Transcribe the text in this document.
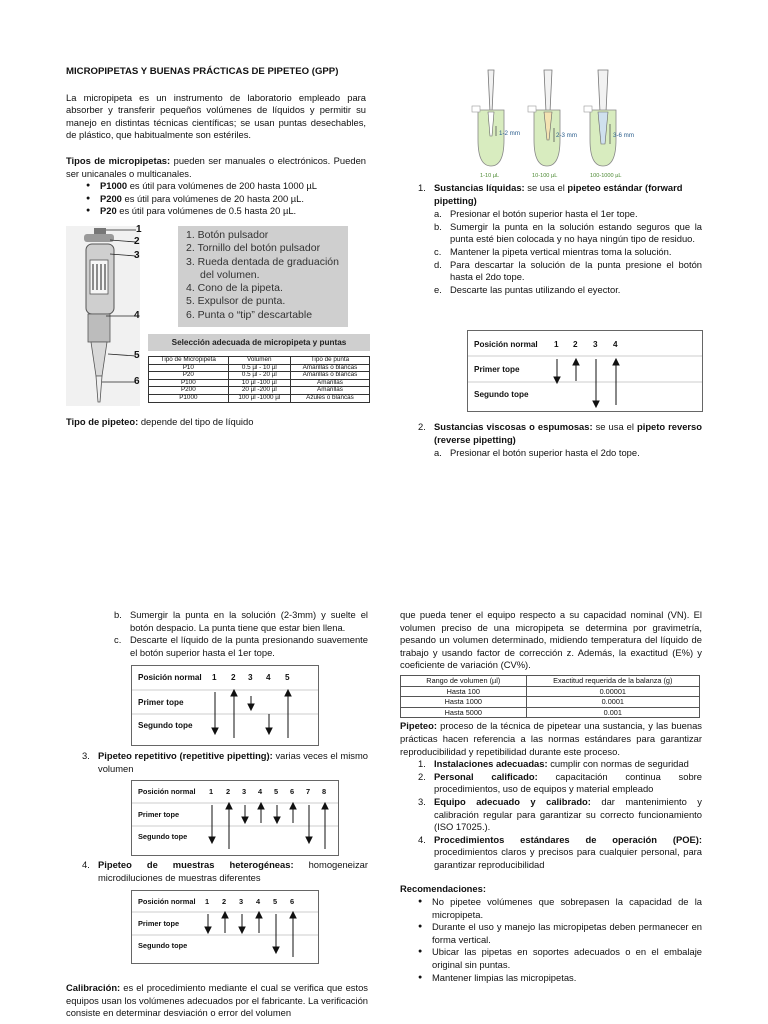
MICROPIPETAS Y BUENAS PRÁCTICAS DE PIPETEO (GPP)

La micropipeta es un instrumento de laboratorio empleado para absorber y transferir pequeños volúmenes de líquidos y permitir su manejo en distintas técnicas científicas; se usan puntas desechables, de plástico, que habitualmente son estériles.

Tipos de micropipetas: pueden ser manuales o electrónicos. Pueden ser unicanales o multicanales.

● P1000 es útil para volúmenes de 200 hasta 1000 µL
● P200 es útil para volúmenes de 20 hasta 200 µL.
● P20 es útil para volúmenes de 0.5 hasta 20 µL.
1
2
3
4
5
6
1. Botón pulsador
2. Tornillo del botón pulsador
3. Rueda dentada de graduación
del volumen.
4. Cono de la pipeta.
5. Expulsor de punta.
6. Punta o “tip” descartable
Selección adecuada de micropipeta y puntas
Tipo de Micropipeta	Volumen	Tipo de punta
P10	0.5 µl - 10 µl	Amarillas o blancas
P20	0.5 µl - 20 µl	Amarillas o blancas
P100	10 µl -100 µl	Amarillas
P200	20 µl -200 µl	Amarillas
P1000	100 µl -1000 µl	Azules o blancas

Tipo de pipeteo: depende del tipo de líquido

1-2 mm	2-3 mm	3-6 mm
1-10 µL	10-100 µL	100-1000 µL
1. Sustancias líquidas: se usa el pipeteo estándar (forward pipetting)
a. Presionar el botón superior hasta el 1er tope.

b. Sumergir la punta en la solución estando seguros que la punta esté bien colocada y no haya ningún tipo de residuo.

c. Mantener la pipeta vertical mientras toma la solución.

d. Para descartar la solución de la punta presione el botón hasta el 2do tope.

e. Descarte las puntas utilizando el eyector.

Posición normal
Primer tope
Segundo tope
1 2 3 4
2. Sustancias viscosas o espumosas: se usa el pipeto reverso (reverse pipetting)

a. Presionar el botón superior hasta el 2do tope.

b. Sumergir la punta en la solución (2-3mm) y suelte el botón despacio. La punta tiene que estar bien llena.

c. Descarte el líquido de la punta presionando suavemente el botón superior hasta el 1er tope.

Posición normal
Primer tope
Segundo tope
1 2 3 4 5
3. Pipeteo repetitivo (repetitive pipetting): varias veces el mismo volumen

Posición normal
Primer tope
Segundo tope
1 2 3 4 5 6 7 8
4. Pipeteo de muestras heterogéneas: homogeneizar microdiluciones de muestras diferentes

Posición normal
Primer tope
Segundo tope
1 2 3 4 5 6

Calibración: es el procedimiento mediante el cual se verifica que estos equipos usan los volúmenes adecuados por el fabricante. La verificación consiste en determinar desviación o error del volumen

que pueda tener el equipo respecto a su capacidad nominal (VN). El volumen preciso de una micropipeta se determina por gravimetría, pesando un volumen determinado, midiendo temperatura del líquido de trabajo y usando factor de corrección z. Además, la exactitud (E%) y coeficiente de variación (CV%).

Rango de volumen (µl)	Exactitud requerida de la balanza (g)
Hasta 100	0.00001
Hasta 1000	0.0001
Hasta 5000	0.001

Pipeteo: proceso de la técnica de pipetear una sustancia, y las buenas prácticas hacen referencia a las normas estándares para garantizar reproducibilidad y repetibilidad durante este proceso.

1. Instalaciones adecuadas: cumplir con normas de seguridad

2. Personal calificado: capacitación continua sobre procedimientos, uso de equipos y material empleado

3. Equipo adecuado y calibrado: dar mantenimiento y calibración regular para garantizar su correcto funcionamiento (ISO 17025.).

4. Procedimientos estándares de operación (POE): procedimientos claros y precisos para cualquier personal, para garantizar reproducibilidad

Recomendaciones:

● No pipetee volúmenes que sobrepasen la capacidad de la micropipeta.

● Durante el uso y manejo las micropipetas deben permanecer en forma vertical.

● Ubicar las pipetas en soportes adecuados o en el embalaje original sin puntas.

● Mantener limpias las micropipetas.
